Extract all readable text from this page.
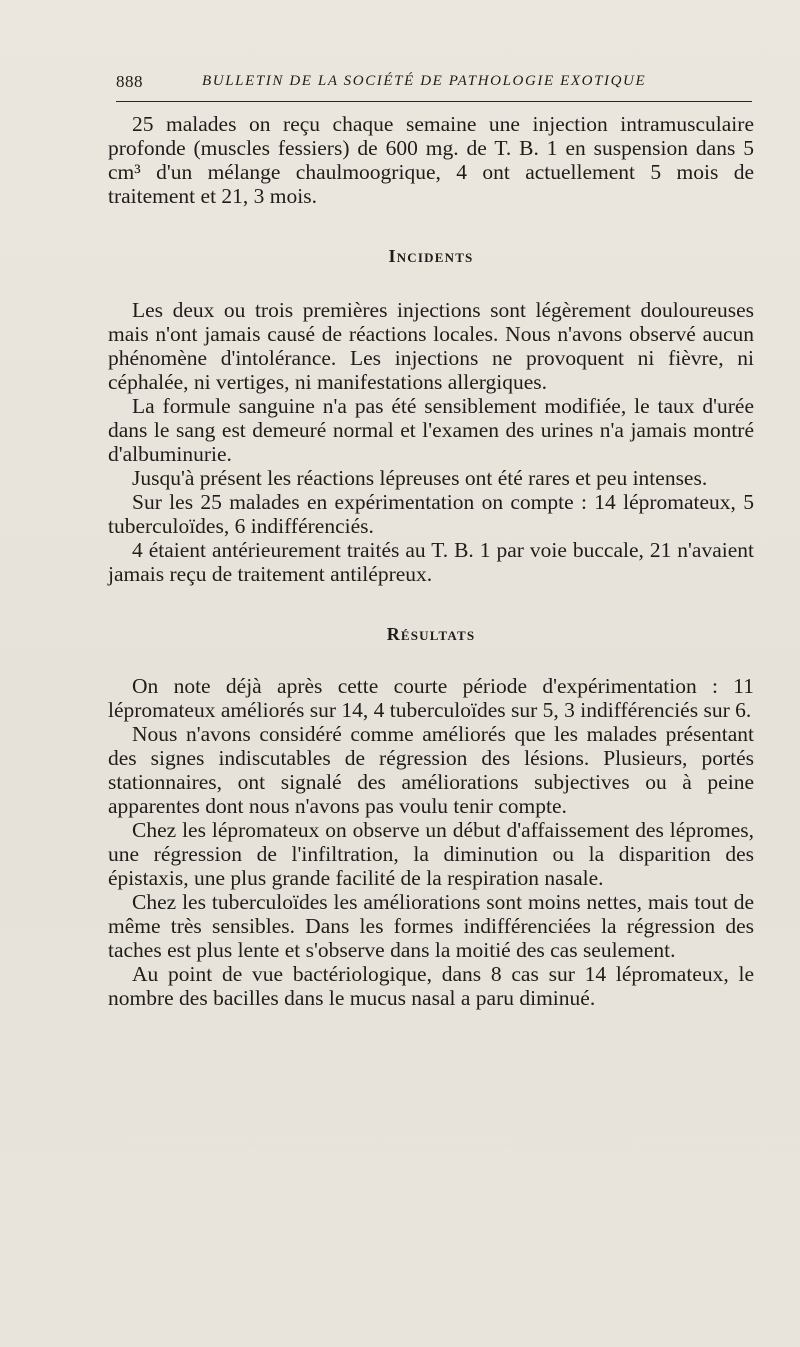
888	BULLETIN DE LA SOCIÉTÉ DE PATHOLOGIE EXOTIQUE

25 malades on reçu chaque semaine une injection intramusculaire profonde (muscles fessiers) de 600 mg. de T. B. 1 en suspension dans 5 cm³ d'un mélange chaulmoogrique, 4 ont actuellement 5 mois de traitement et 21, 3 mois.

Incidents

Les deux ou trois premières injections sont légèrement douloureuses mais n'ont jamais causé de réactions locales. Nous n'avons observé aucun phénomène d'intolérance. Les injections ne provoquent ni fièvre, ni céphalée, ni vertiges, ni manifestations allergiques.

La formule sanguine n'a pas été sensiblement modifiée, le taux d'urée dans le sang est demeuré normal et l'examen des urines n'a jamais montré d'albuminurie.

Jusqu'à présent les réactions lépreuses ont été rares et peu intenses.

Sur les 25 malades en expérimentation on compte : 14 lépromateux, 5 tuberculoïdes, 6 indifférenciés.

4 étaient antérieurement traités au T. B. 1 par voie buccale, 21 n'avaient jamais reçu de traitement antilépreux.

Résultats

On note déjà après cette courte période d'expérimentation : 11 lépromateux améliorés sur 14, 4 tuberculoïdes sur 5, 3 indifférenciés sur 6.

Nous n'avons considéré comme améliorés que les malades présentant des signes indiscutables de régression des lésions. Plusieurs, portés stationnaires, ont signalé des améliorations subjectives ou à peine apparentes dont nous n'avons pas voulu tenir compte.

Chez les lépromateux on observe un début d'affaissement des lépromes, une régression de l'infiltration, la diminution ou la disparition des épistaxis, une plus grande facilité de la respiration nasale.

Chez les tuberculoïdes les améliorations sont moins nettes, mais tout de même très sensibles. Dans les formes indifférenciées la régression des taches est plus lente et s'observe dans la moitié des cas seulement.

Au point de vue bactériologique, dans 8 cas sur 14 lépromateux, le nombre des bacilles dans le mucus nasal a paru diminué.
